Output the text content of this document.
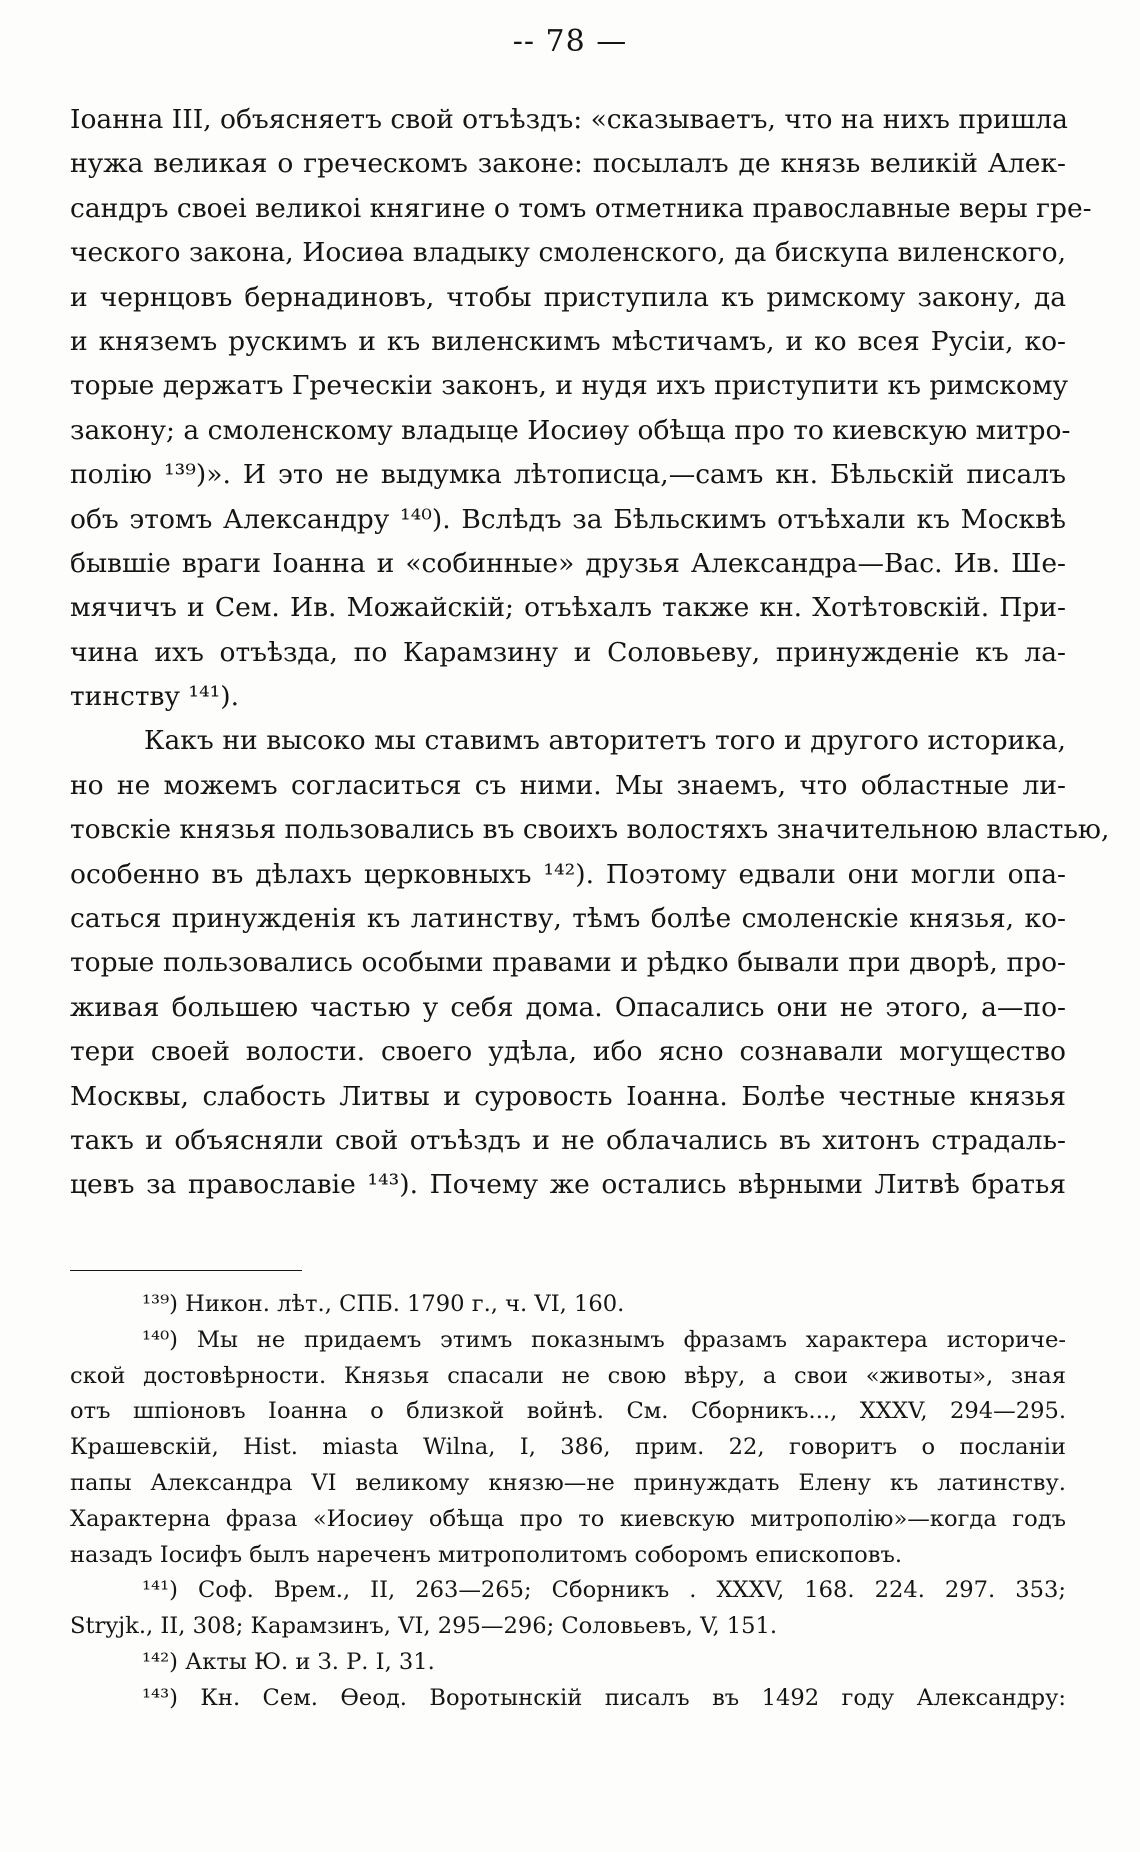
-- 78 —
Іоанна III, объясняетъ свой отъѣздъ: «сказываетъ, что на нихъ пришла
нужа великая о греческомъ законе: посылалъ де князь великій Алек-
сандръ своеі великоі княгине о томъ отметника православные веры гре-
ческого закона, Иосиѳа владыку смоленского, да бискупа виленского,
и чернцовъ бернадиновъ, чтобы приступила къ римскому закону, да
и княземъ рускимъ и къ виленскимъ мѣстичамъ, и ко всея Русіи, ко-
торые держатъ Греческіи законъ, и нудя ихъ приступити къ римскому
закону; а смоленскому владыце Иосиѳу обѣща про то киевскую митро-
полію ¹³⁹)». И это не выдумка лѣтописца,—самъ кн. Бѣльскій писалъ
объ этомъ Александру ¹⁴⁰). Вслѣдъ за Бѣльскимъ отъѣхали къ Москвѣ
бывшіе враги Іоанна и «собинные» друзья Александра—Вас. Ив. Ше-
мячичъ и Сем. Ив. Можайскій; отъѣхалъ также кн. Хотѣтовскій. При-
чина ихъ отъѣзда, по Карамзину и Соловьеву, принужденіе къ ла-
тинству ¹⁴¹).
Какъ ни высоко мы ставимъ авторитетъ того и другого историка,
но не можемъ согласиться съ ними. Мы знаемъ, что областные ли-
товскіе князья пользовались въ своихъ волостяхъ значительною властью,
особенно въ дѣлахъ церковныхъ ¹⁴²). Поэтому едвали они могли опа-
саться принужденія къ латинству, тѣмъ болѣе смоленскіе князья, ко-
торые пользовались особыми правами и рѣдко бывали при дворѣ, про-
живая большею частью у себя дома. Опасались они не этого, а—по-
тери своей волости. своего удѣла, ибо ясно сознавали могущество
Москвы, слабость Литвы и суровость Іоанна. Болѣе честные князья
такъ и объясняли свой отъѣздъ и не облачались въ хитонъ страдаль-
цевъ за православіе ¹⁴³). Почему же остались вѣрными Литвѣ братья
¹³⁹) Никон. лѣт., СПБ. 1790 г., ч. VI, 160.
¹⁴⁰) Мы не придаемъ этимъ показнымъ фразамъ характера историче-
ской достовѣрности. Князья спасали не свою вѣру, а свои «животы», зная
отъ шпіоновъ Іоанна о близкой войнѣ. См. Сборникъ..., XXXV, 294—295.
Крашевскій, Hist. miasta Wilna, I, 386, прим. 22, говоритъ о посланіи
папы Александра VI великому князю—не принуждать Елену къ латинству.
Характерна фраза «Иосиѳу обѣща про то киевскую митрополію»—когда годъ
назадъ Іосифъ былъ нареченъ митрополитомъ соборомъ епископовъ.
¹⁴¹) Соф. Врем., II, 263—265; Сборникъ . XXXV, 168. 224. 297. 353;
Stryjk., II, 308; Карамзинъ, VI, 295—296; Соловьевъ, V, 151.
¹⁴²) Акты Ю. и З. Р. I, 31.
¹⁴³) Кн. Сем. Ѳеод. Воротынскій писалъ въ 1492 году Александру:
